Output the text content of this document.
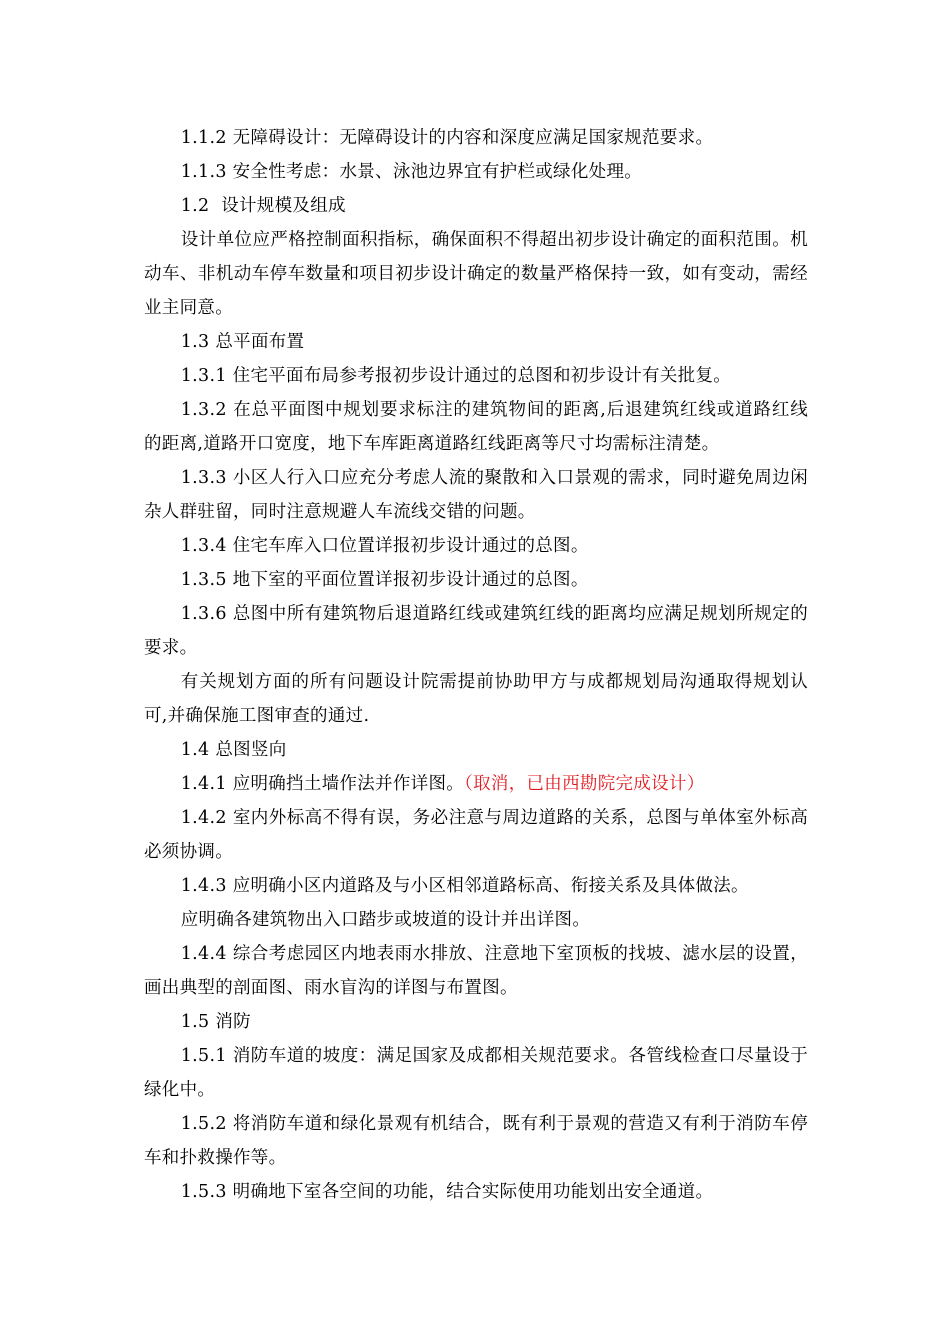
1.1.2 无障碍设计：无障碍设计的内容和深度应满足国家规范要求。

1.1.3 安全性考虑：水景、泳池边界宜有护栏或绿化处理。

1.2  设计规模及组成

设计单位应严格控制面积指标，确保面积不得超出初步设计确定的面积范围。机动车、非机动车停车数量和项目初步设计确定的数量严格保持一致，如有变动，需经业主同意。

1.3 总平面布置

1.3.1 住宅平面布局参考报初步设计通过的总图和初步设计有关批复。

1.3.2 在总平面图中规划要求标注的建筑物间的距离,后退建筑红线或道路红线的距离,道路开口宽度，地下车库距离道路红线距离等尺寸均需标注清楚。

1.3.3 小区人行入口应充分考虑人流的聚散和入口景观的需求，同时避免周边闲杂人群驻留，同时注意规避人车流线交错的问题。

1.3.4 住宅车库入口位置详报初步设计通过的总图。

1.3.5 地下室的平面位置详报初步设计通过的总图。

1.3.6 总图中所有建筑物后退道路红线或建筑红线的距离均应满足规划所规定的要求。

有关规划方面的所有问题设计院需提前协助甲方与成都规划局沟通取得规划认可,并确保施工图审查的通过.

1.4 总图竖向

1.4.1 应明确挡土墙作法并作详图。（取消，已由西勘院完成设计）

1.4.2 室内外标高不得有误，务必注意与周边道路的关系，总图与单体室外标高必须协调。

1.4.3 应明确小区内道路及与小区相邻道路标高、衔接关系及具体做法。

应明确各建筑物出入口踏步或坡道的设计并出详图。

1.4.4 综合考虑园区内地表雨水排放、注意地下室顶板的找坡、滤水层的设置，画出典型的剖面图、雨水盲沟的详图与布置图。

1.5 消防

1.5.1 消防车道的坡度：满足国家及成都相关规范要求。各管线检查口尽量设于绿化中。

1.5.2 将消防车道和绿化景观有机结合，既有利于景观的营造又有利于消防车停车和扑救操作等。

1.5.3 明确地下室各空间的功能，结合实际使用功能划出安全通道。
